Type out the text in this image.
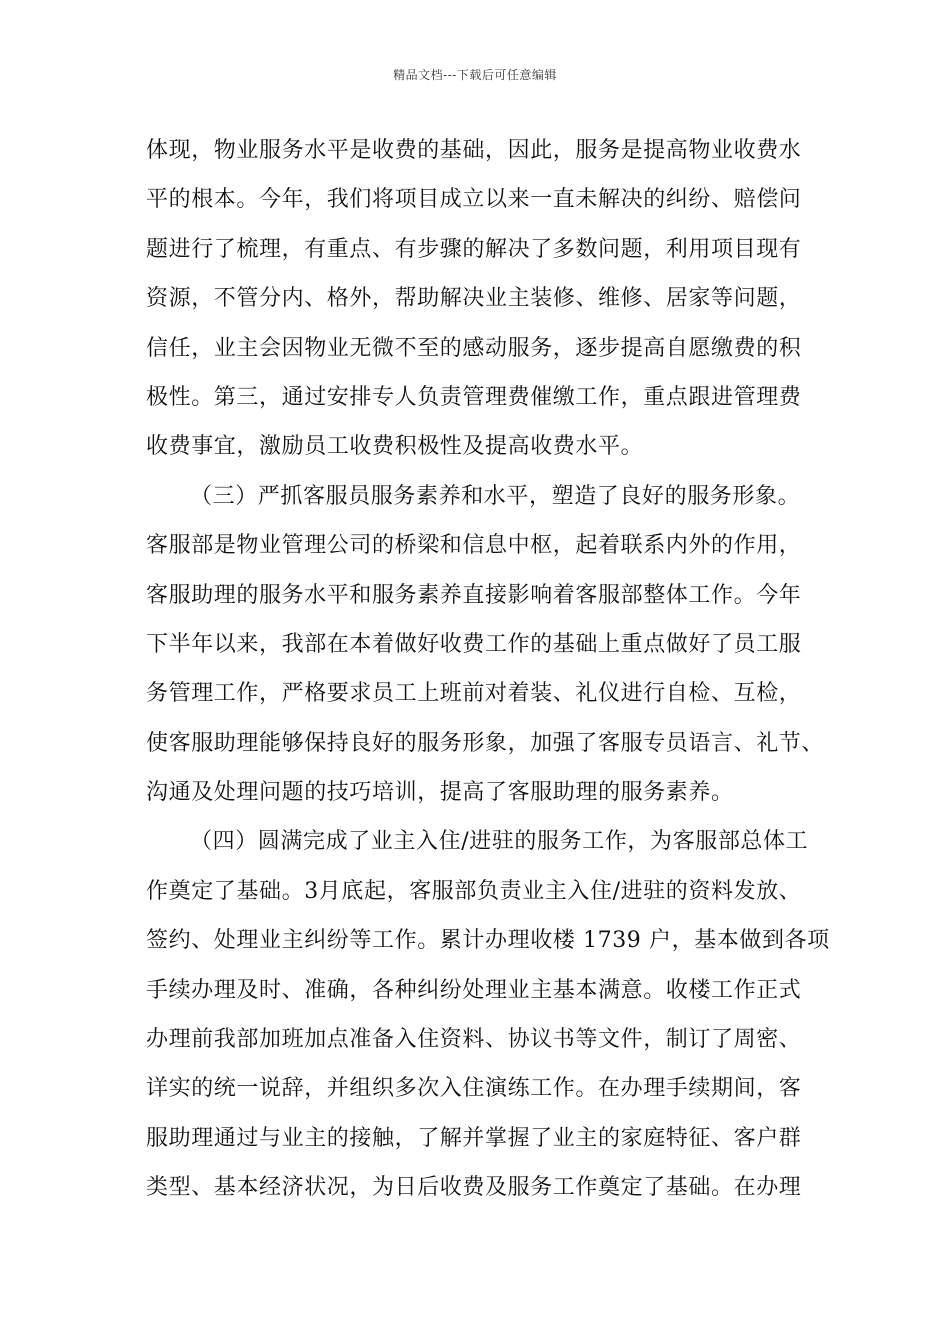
精品文档---下载后可任意编辑
体现，物业服务水平是收费的基础，因此，服务是提高物业收费水
平的根本。今年，我们将项目成立以来一直未解决的纠纷、赔偿问
题进行了梳理，有重点、有步骤的解决了多数问题，利用项目现有
资源，不管分内、格外，帮助解决业主装修、维修、居家等问题，
信任，业主会因物业无微不至的感动服务，逐步提高自愿缴费的积
极性。第三，通过安排专人负责管理费催缴工作，重点跟进管理费
收费事宜，激励员工收费积极性及提高收费水平。
（三）严抓客服员服务素养和水平，塑造了良好的服务形象。
客服部是物业管理公司的桥梁和信息中枢，起着联系内外的作用，
客服助理的服务水平和服务素养直接影响着客服部整体工作。今年
下半年以来，我部在本着做好收费工作的基础上重点做好了员工服
务管理工作，严格要求员工上班前对着装、礼仪进行自检、互检，
使客服助理能够保持良好的服务形象，加强了客服专员语言、礼节、
沟通及处理问题的技巧培训，提高了客服助理的服务素养。
（四）圆满完成了业主入住/进驻的服务工作，为客服部总体工
作奠定了基础。3月底起，客服部负责业主入住/进驻的资料发放、
签约、处理业主纠纷等工作。累计办理收楼 1739 户，基本做到各项
手续办理及时、准确，各种纠纷处理业主基本满意。收楼工作正式
办理前我部加班加点准备入住资料、协议书等文件，制订了周密、
详实的统一说辞，并组织多次入住演练工作。在办理手续期间，客
服助理通过与业主的接触，了解并掌握了业主的家庭特征、客户群
类型、基本经济状况，为日后收费及服务工作奠定了基础。在办理
